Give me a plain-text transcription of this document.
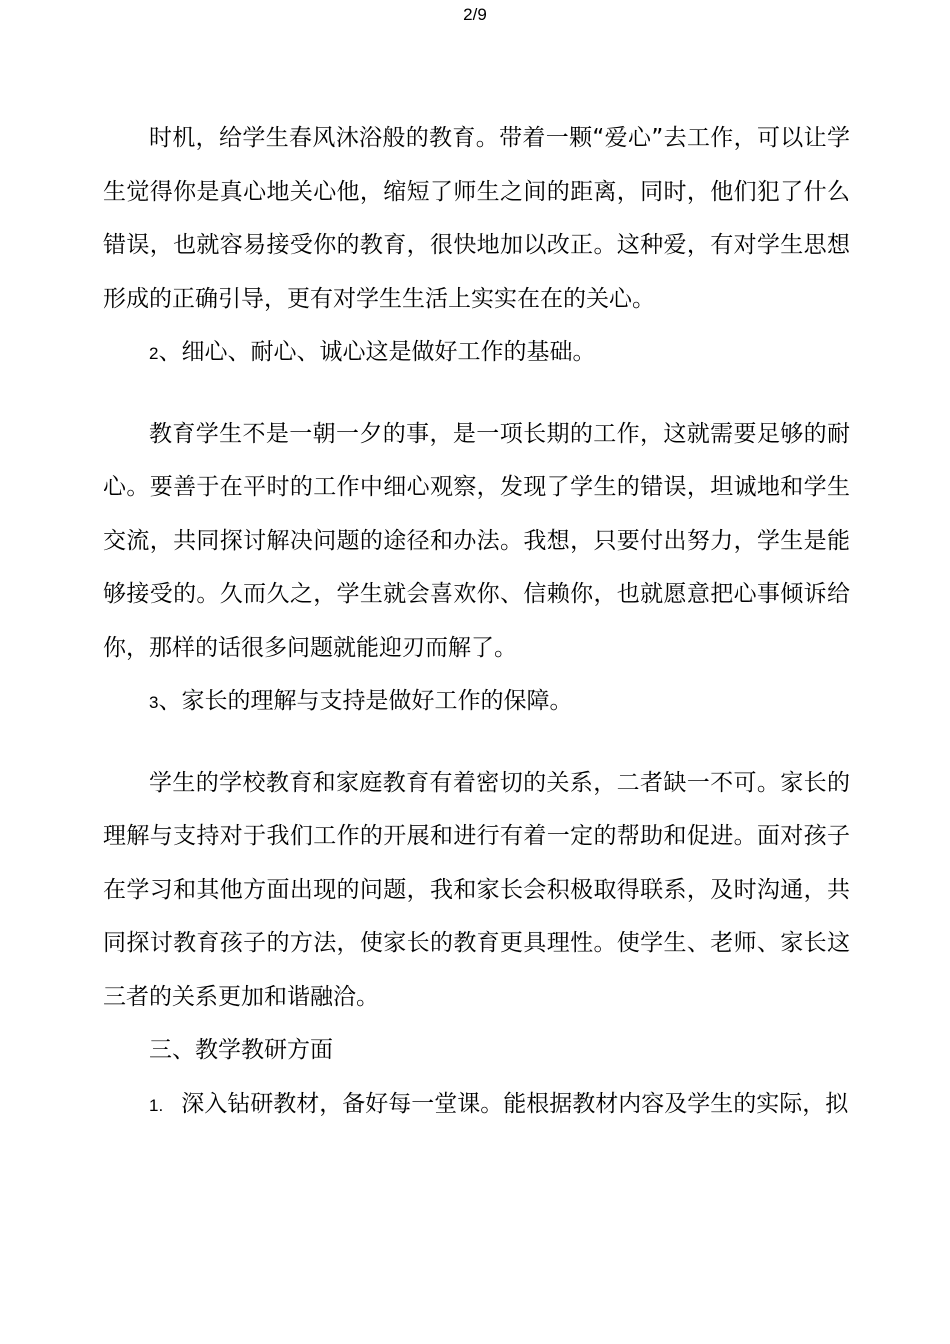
2/9

时机，给学生春风沐浴般的教育。带着一颗“爱心”去工作，可以让学生觉得你是真心地关心他，缩短了师生之间的距离，同时，他们犯了什么错误，也就容易接受你的教育，很快地加以改正。这种爱，有对学生思想形成的正确引导，更有对学生生活上实实在在的关心。

2、细心、耐心、诚心这是做好工作的基础。

教育学生不是一朝一夕的事，是一项长期的工作，这就需要足够的耐心。要善于在平时的工作中细心观察，发现了学生的错误，坦诚地和学生交流，共同探讨解决问题的途径和办法。我想，只要付出努力，学生是能够接受的。久而久之，学生就会喜欢你、信赖你，也就愿意把心事倾诉给你，那样的话很多问题就能迎刃而解了。

3、家长的理解与支持是做好工作的保障。

学生的学校教育和家庭教育有着密切的关系，二者缺一不可。家长的理解与支持对于我们工作的开展和进行有着一定的帮助和促进。面对孩子在学习和其他方面出现的问题，我和家长会积极取得联系，及时沟通，共同探讨教育孩子的方法，使家长的教育更具理性。使学生、老师、家长这三者的关系更加和谐融洽。

三、教学教研方面

1. 深入钻研教材，备好每一堂课。能根据教材内容及学生的实际，拟
